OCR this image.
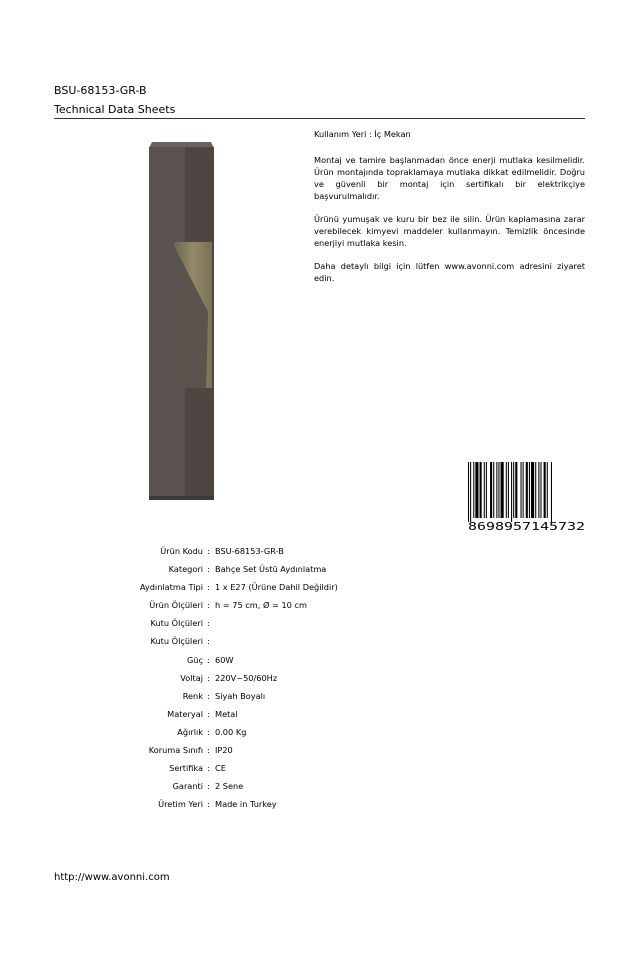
BSU-68153-GR-B
Technical Data Sheets

Kullanım Yeri : İç Mekan

Montaj ve tamire başlanmadan önce enerji mutlaka kesilmelidir. Ürün montajında topraklamaya mutlaka dikkat edilmelidir. Doğru ve güvenli bir montaj için sertifikalı bir elektrikçiye başvurulmalıdır.

Ürünü yumuşak ve kuru bir bez ile silin. Ürün kaplamasına zarar verebilecek kimyevi maddeler kullanmayın. Temizlik öncesinde enerjiyi mutlaka kesin.

Daha detaylı bilgi için lütfen www.avonni.com adresini ziyaret edin.

8698957145732
Ürün Kodu : BSU-68153-GR-B
Kategori : Bahçe Set Üstü Aydınlatma
Aydınlatma Tipi : 1 x E27 (Ürüne Dahil Değildir)
Ürün Ölçüleri : h = 75 cm, Ø = 10 cm
Kutu Ölçüleri :
Kutu Ölçüleri :
Güç : 60W
Voltaj : 220V~50/60Hz
Renk : Siyah Boyalı
Materyal : Metal
Ağırlık : 0.00 Kg
Koruma Sınıfı : IP20
Sertifika : CE
Garanti : 2 Sene
Üretim Yeri : Made in Turkey
http://www.avonni.com
